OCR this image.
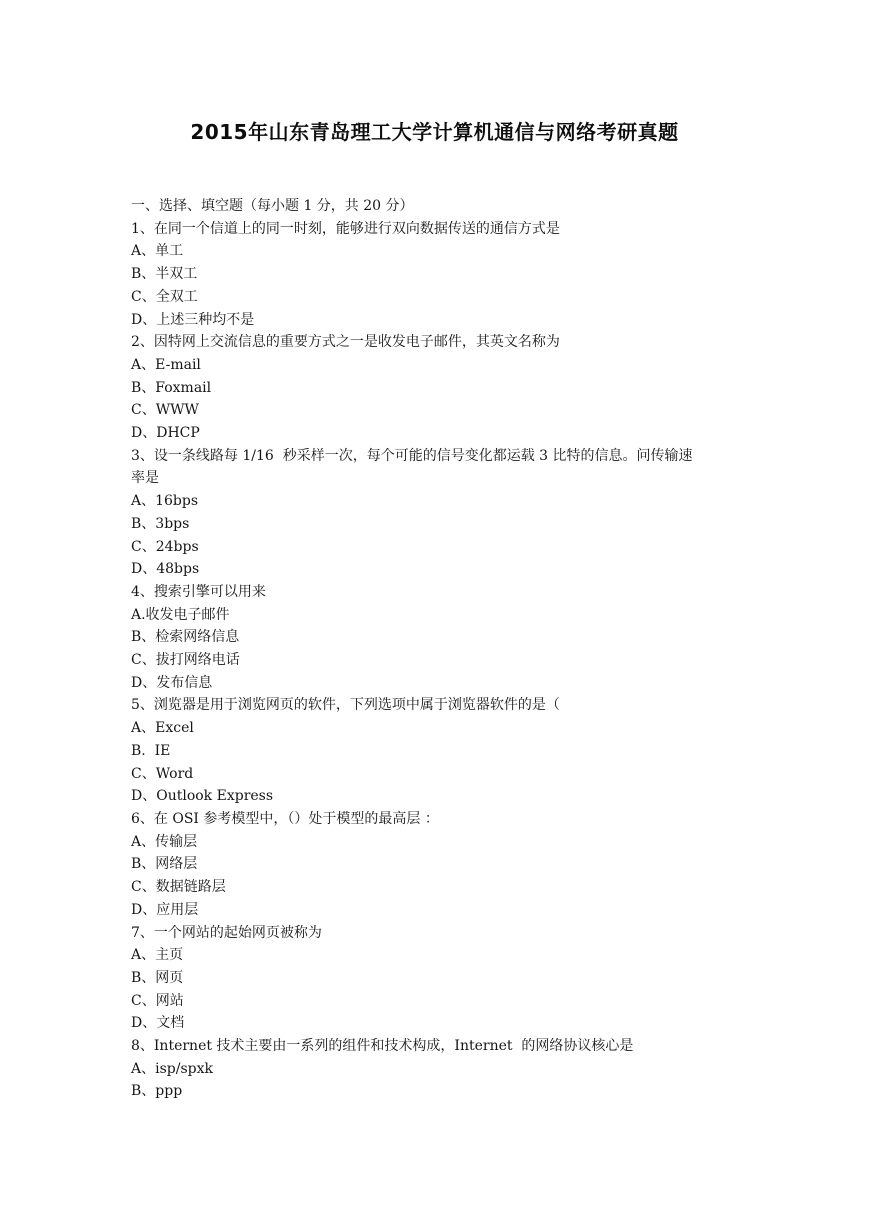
2015年山东青岛理工大学计算机通信与网络考研真题
一、选择、填空题（每小题 1 分，共 20 分）
1、在同一个信道上的同一时刻，能够进行双向数据传送的通信方式是
A、单工
B、半双工
C、全双工
D、上述三种均不是
2、因特网上交流信息的重要方式之一是收发电子邮件，其英文名称为
A、E-mail
B、Foxmail
C、WWW
D、DHCP
3、设一条线路每 1/16  秒采样一次，每个可能的信号变化都运载 3 比特的信息。问传输速
率是
A、16bps
B、3bps
C、24bps
D、48bps
4、搜索引擎可以用来
A.收发电子邮件
B、检索网络信息
C、拔打网络电话
D、发布信息
5、浏览器是用于浏览网页的软件，下列选项中属于浏览器软件的是（
A、Excel
B.  IE
C、Word
D、Outlook Express
6、在 OSI 参考模型中，（）处于模型的最高层 ：
A、传输层
B、网络层
C、数据链路层
D、应用层
7、一个网站的起始网页被称为
A、主页
B、网页
C、网站
D、文档
8、Internet 技术主要由一系列的组件和技术构成，Internet  的网络协议核心是
A、isp/spxk
B、ppp
